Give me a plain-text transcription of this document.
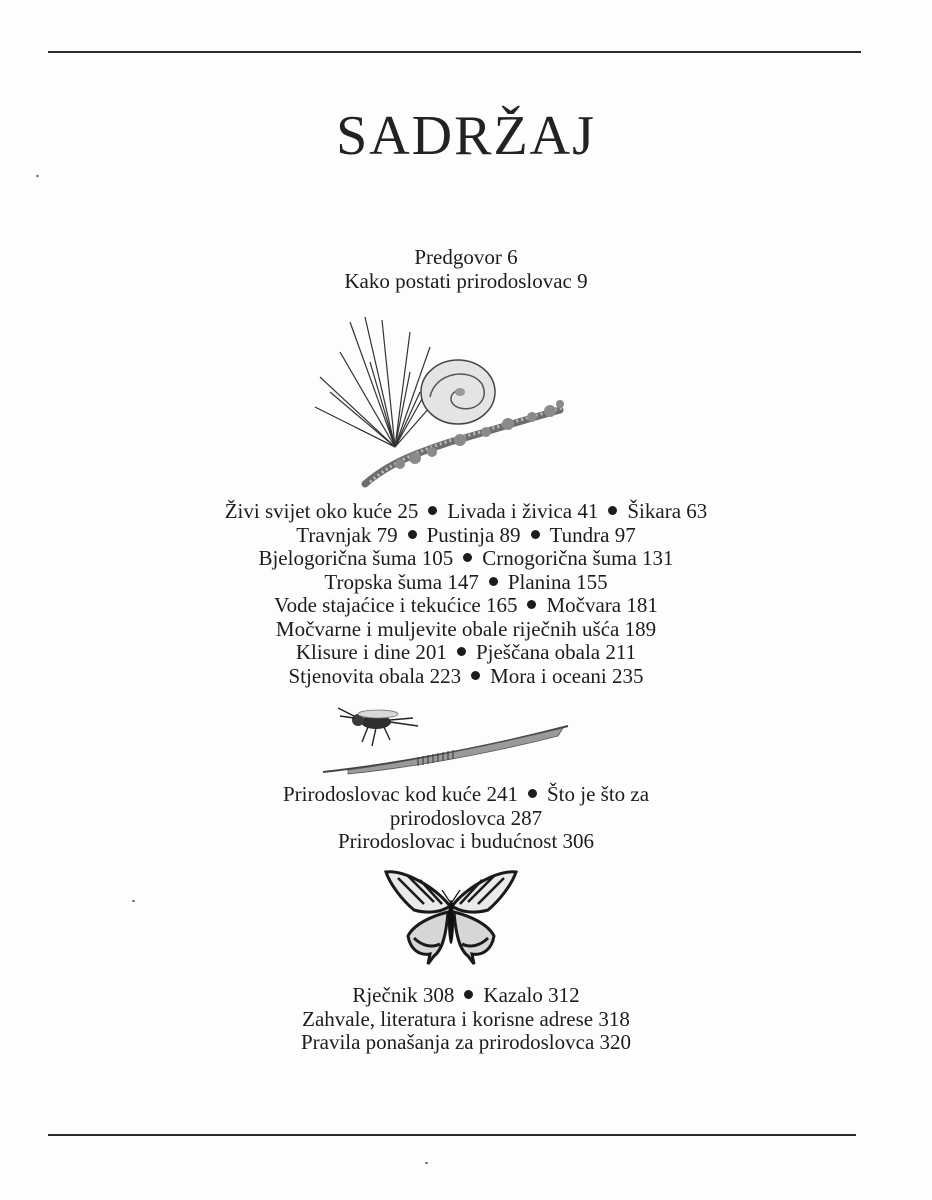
SADRŽAJ
Predgovor 6
Kako postati prirodoslovac 9
Živi svijet oko kuće 25 Livada i živica 41 Šikara 63
Travnjak 79 Pustinja 89 Tundra 97
Bjelogorična šuma 105 Crnogorična šuma 131
Tropska šuma 147 Planina 155
Vode stajaćice i tekućice 165 Močvara 181
Močvarne i muljevite obale riječnih ušća 189
Klisure i dine 201 Pješčana obala 211
Stjenovita obala 223 Mora i oceani 235
Prirodoslovac kod kuće 241 Što je što za
prirodoslovca 287
Prirodoslovac i budućnost 306
Rječnik 308 Kazalo 312
Zahvale, literatura i korisne adrese 318
Pravila ponašanja za prirodoslovca 320
